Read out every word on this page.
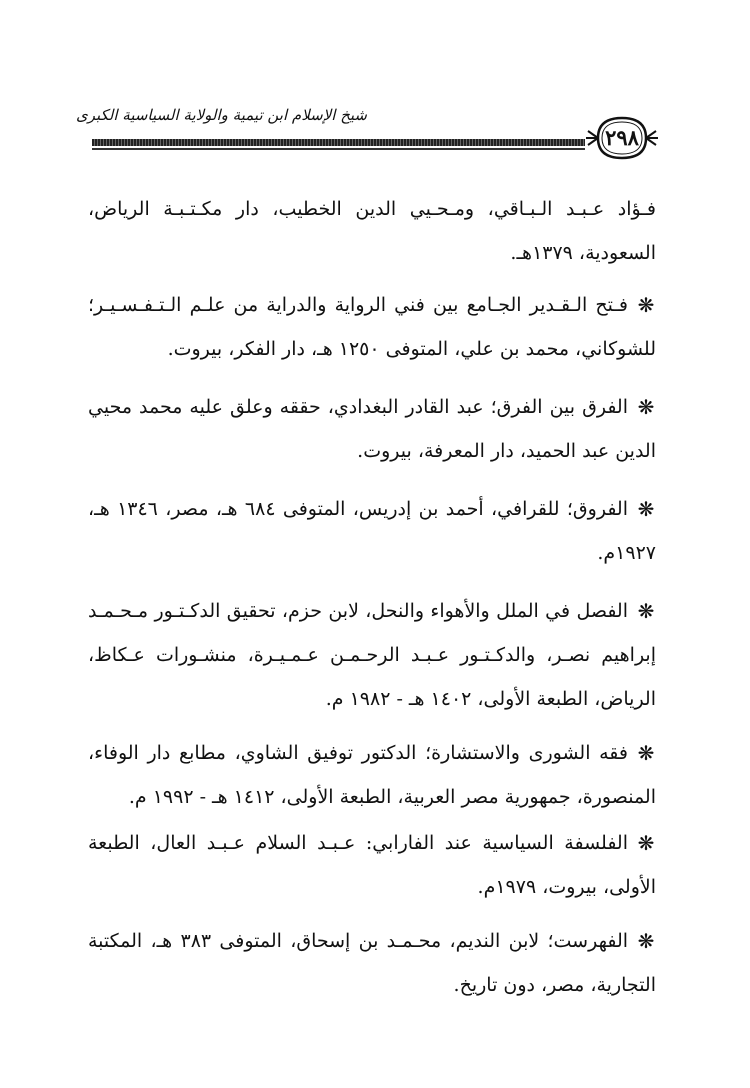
شيخ الإسلام ابن تيمية والولاية السياسية الكبرى
٢٩٨
فـؤاد عـبـد الـبـاقي، ومـحـيي الدين الخطيب، دار مكـتـبـة الرياض،
السعودية، ١٣٧٩هـ.
❋
فـتح الـقـدير الجـامع بين فني الرواية والدراية من علـم الـتـفـسـيـر؛
للشوكاني، محمد بن علي، المتوفى ١٢٥٠ هـ، دار الفكر، بيروت.
❋
الفرق بين الفرق؛ عبد القادر البغدادي، حققه وعلق عليه محمد محيي
الدين عبد الحميد، دار المعرفة، بيروت.
❋
الفروق؛ للقرافي، أحمد بن إدريس، المتوفى ٦٨٤ هـ، مصر، ١٣٤٦ هـ،
١٩٢٧م.
❋
الفصل في الملل والأهواء والنحل، لابن حزم، تحقيق الدكـتـور مـحـمـد
إبراهيم نصـر، والدكـتـور عـبـد الرحـمـن عـمـيـرة، منشـورات عـكاظ،
الرياض، الطبعة الأولى، ١٤٠٢ هـ - ١٩٨٢ م.
❋
فقه الشورى والاستشارة؛ الدكتور توفيق الشاوي، مطابع دار الوفاء،
المنصورة، جمهورية مصر العربية، الطبعة الأولى، ١٤١٢ هـ - ١٩٩٢ م.
❋
الفلسفة السياسية عند الفارابي: عـبـد السلام عـبـد العال، الطبعة
الأولى، بيروت، ١٩٧٩م.
❋
الفهرست؛ لابن النديم، محـمـد بن إسحاق، المتوفى ٣٨٣ هـ، المكتبة
التجارية، مصر، دون تاريخ.
